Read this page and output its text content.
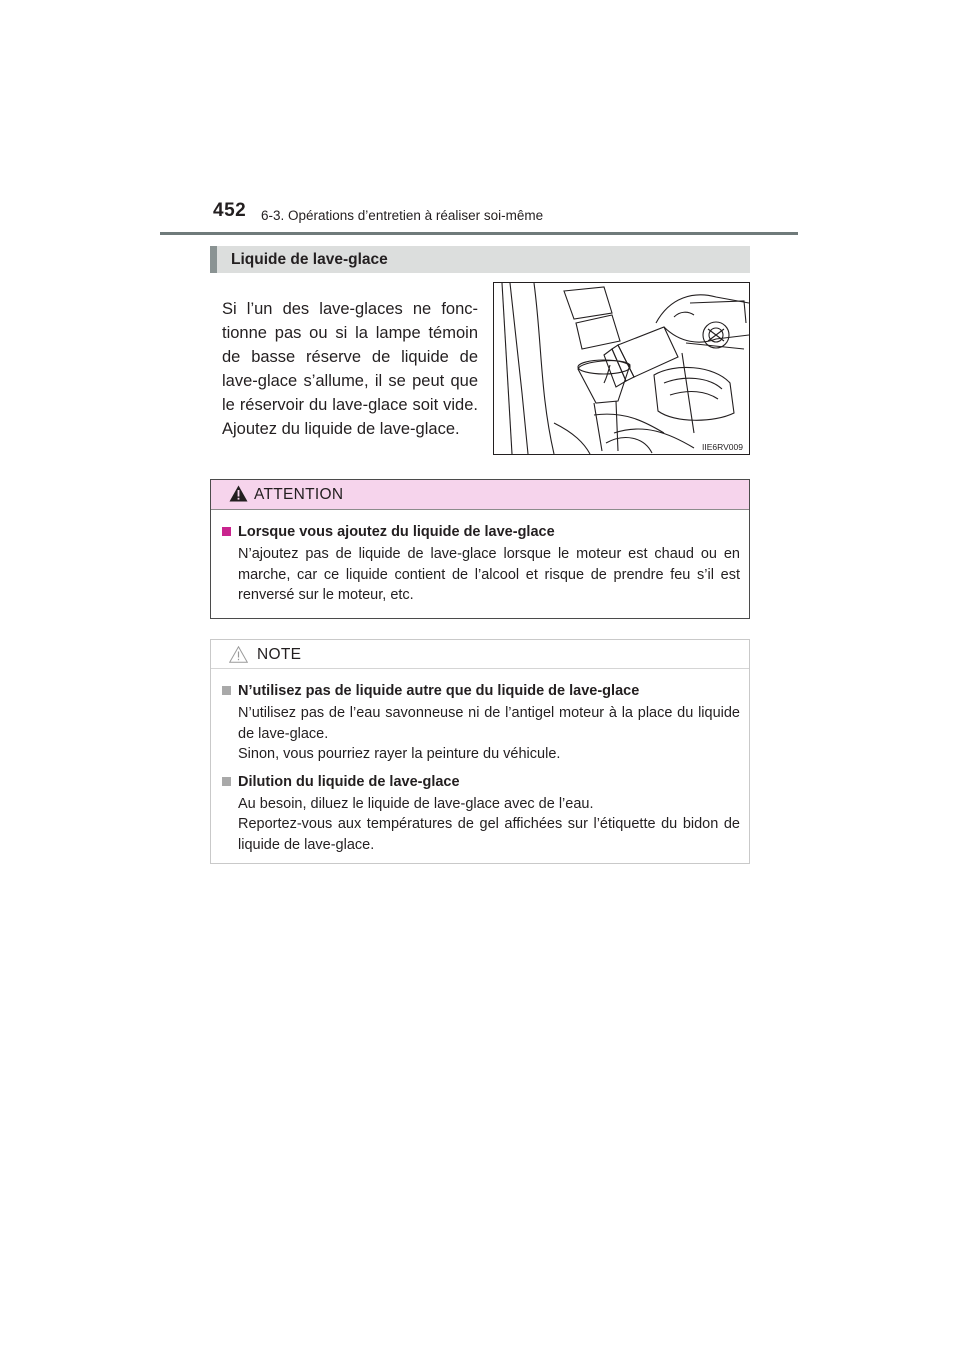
452 6-3. Opérations d’entretien à réaliser soi-même
Liquide de lave-glace
Si l’un des lave-glaces ne fonc-tionne pas ou si la lampe témoin de basse réserve de liquide de lave-glace s’allume, il se peut que le réservoir du lave-glace soit vide. Ajoutez du liquide de lave-glace.
IIE6RV009
ATTENTION
Lorsque vous ajoutez du liquide de lave-glace
N’ajoutez pas de liquide de lave-glace lorsque le moteur est chaud ou en marche, car ce liquide contient de l’alcool et risque de prendre feu s’il est renversé sur le moteur, etc.
NOTE
N’utilisez pas de liquide autre que du liquide de lave-glace

N’utilisez pas de l’eau savonneuse ni de l’antigel moteur à la place du liquide de lave-glace.

Sinon, vous pourriez rayer la peinture du véhicule.

Dilution du liquide de lave-glace

Au besoin, diluez le liquide de lave-glace avec de l’eau.

Reportez-vous aux températures de gel affichées sur l’étiquette du bidon de liquide de lave-glace.
